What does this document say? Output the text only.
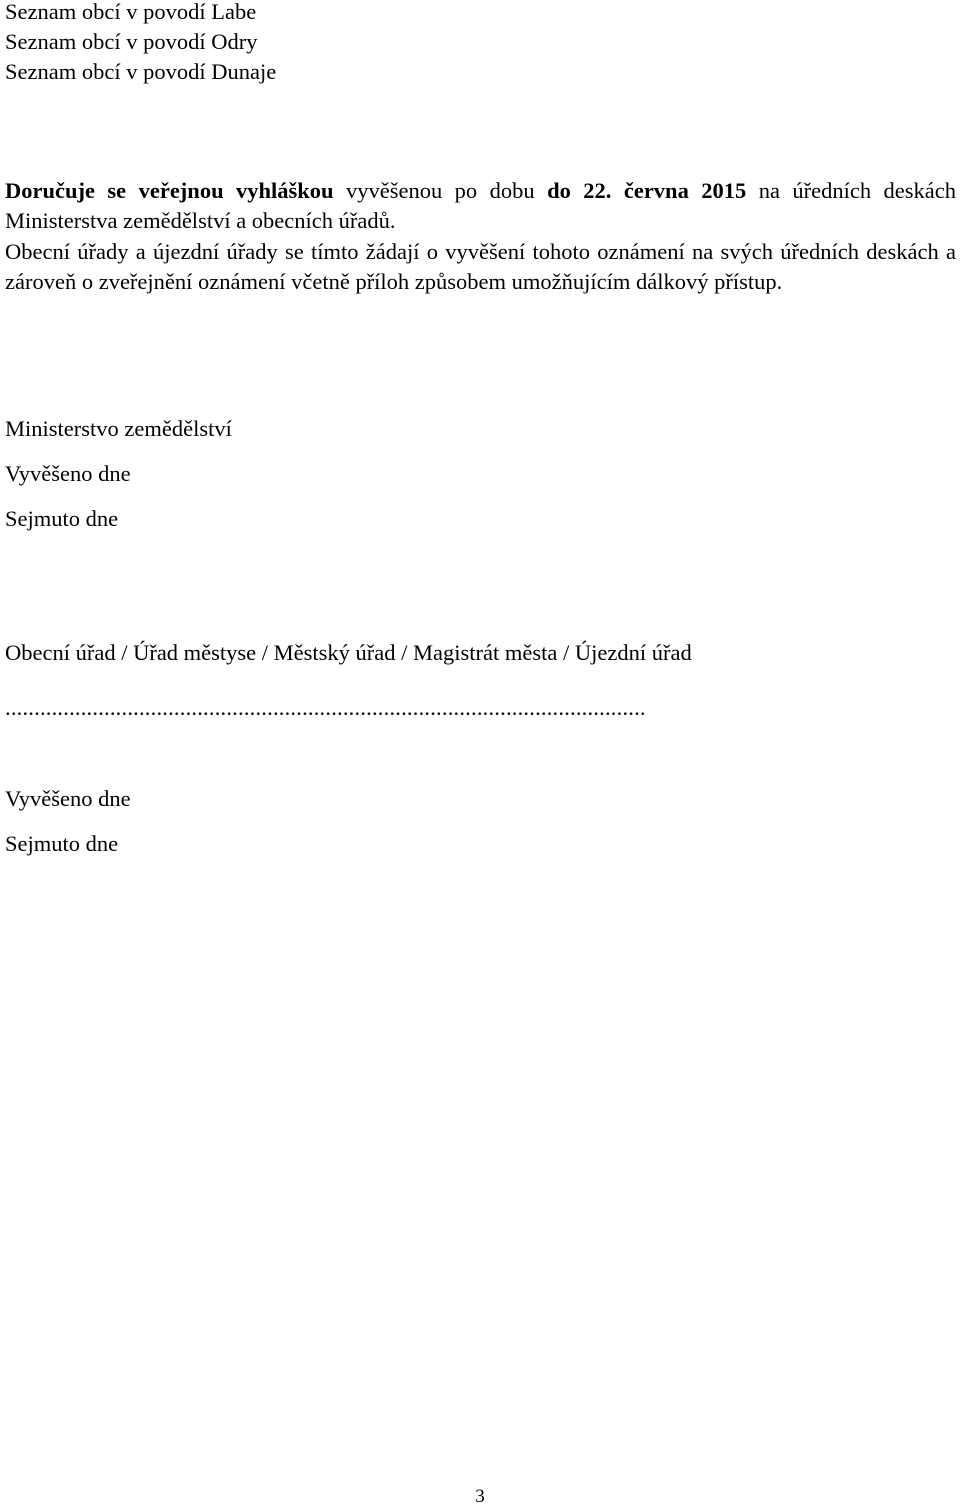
Seznam obcí v povodí Labe
Seznam obcí v povodí Odry
Seznam obcí v povodí Dunaje
Doručuje se veřejnou vyhláškou vyvěšenou po dobu do 22. června 2015 na úředních deskách Ministerstva zemědělství a obecních úřadů.
Obecní úřady a újezdní úřady se tímto žádají o vyvěšení tohoto oznámení na svých úředních deskách a zároveň o zveřejnění oznámení včetně příloh způsobem umožňujícím dálkový přístup.
Ministerstvo zemědělství
Vyvěšeno dne
Sejmuto dne
Obecní úřad / Úřad městyse / Městský úřad / Magistrát města / Újezdní úřad
..............................................................................................................
Vyvěšeno dne
Sejmuto dne
3
